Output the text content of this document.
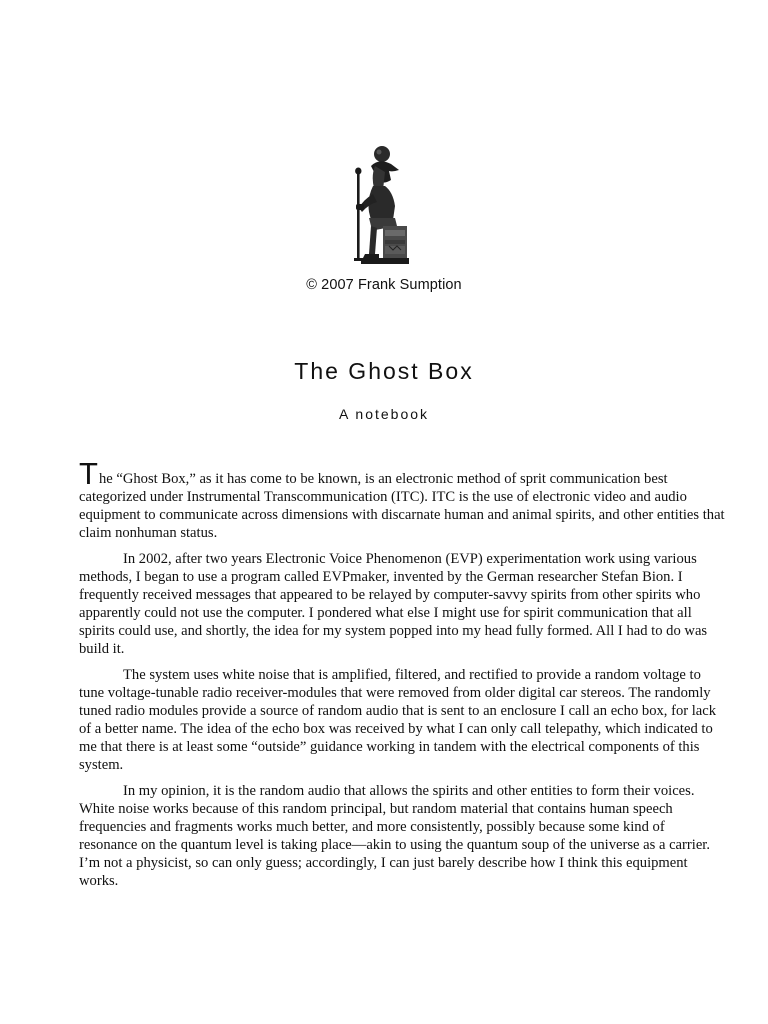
© 2007 Frank Sumption
The Ghost Box
A notebook

The “Ghost Box,” as it has come to be known, is an electronic method of sprit communication best categorized under Instrumental Transcommunication (ITC). ITC is the use of electronic video and audio equipment to communicate across dimensions with discarnate human and animal spirits, and other entities that claim nonhuman status.

In 2002, after two years Electronic Voice Phenomenon (EVP) experimentation work using various methods, I began to use a program called EVPmaker, invented by the German researcher Stefan Bion. I frequently received messages that appeared to be relayed by computer-savvy spirits from other spirits who apparently could not use the computer. I pondered what else I might use for spirit communication that all spirits could use, and shortly, the idea for my system popped into my head fully formed. All I had to do was build it.

The system uses white noise that is amplified, filtered, and rectified to provide a random voltage to tune voltage-tunable radio receiver-modules that were removed from older digital car stereos. The randomly tuned radio modules provide a source of random audio that is sent to an enclosure I call an echo box, for lack of a better name. The idea of the echo box was received by what I can only call telepathy, which indicated to me that there is at least some “outside” guidance working in tandem with the electrical components of this system.

In my opinion, it is the random audio that allows the spirits and other entities to form their voices. White noise works because of this random principal, but random material that contains human speech frequencies and fragments works much better, and more consistently, possibly because some kind of resonance on the quantum level is taking place—akin to using the quantum soup of the universe as a carrier. I’m not a physicist, so can only guess; accordingly, I can just barely describe how I think this equipment works.
